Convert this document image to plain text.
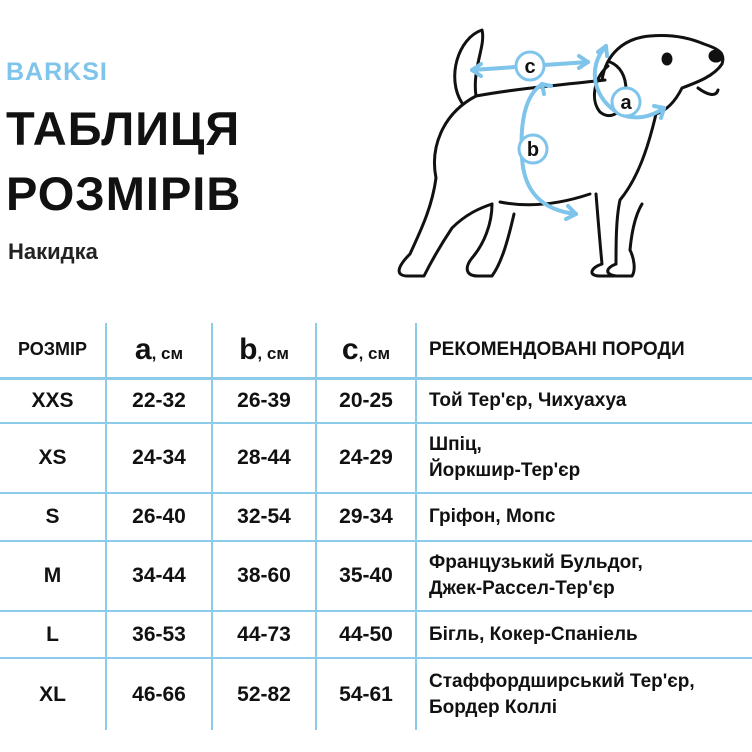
BARKSI
ТАБЛИЦЯ
РОЗМІРІВ
Накидка
c
b
a
РОЗМІР	a, см	b, см	c, см	РЕКОМЕНДОВАНІ ПОРОДИ
XXS	22-32	26-39	20-25	Той Тер'єр, Чихуахуа

XS	24-34	28-44	24-29	Шпіц,
Йоркшир-Тер'єр

S	26-40	32-54	29-34	Гріфон, Мопс

M	34-44	38-60	35-40	Французький Бульдог,
Джек-Рассел-Тер'єр

L	36-53	44-73	44-50	Бігль, Кокер-Спаніель

XL	46-66	52-82	54-61	Стаффордширський Тер'єр,
Бордер Коллі
